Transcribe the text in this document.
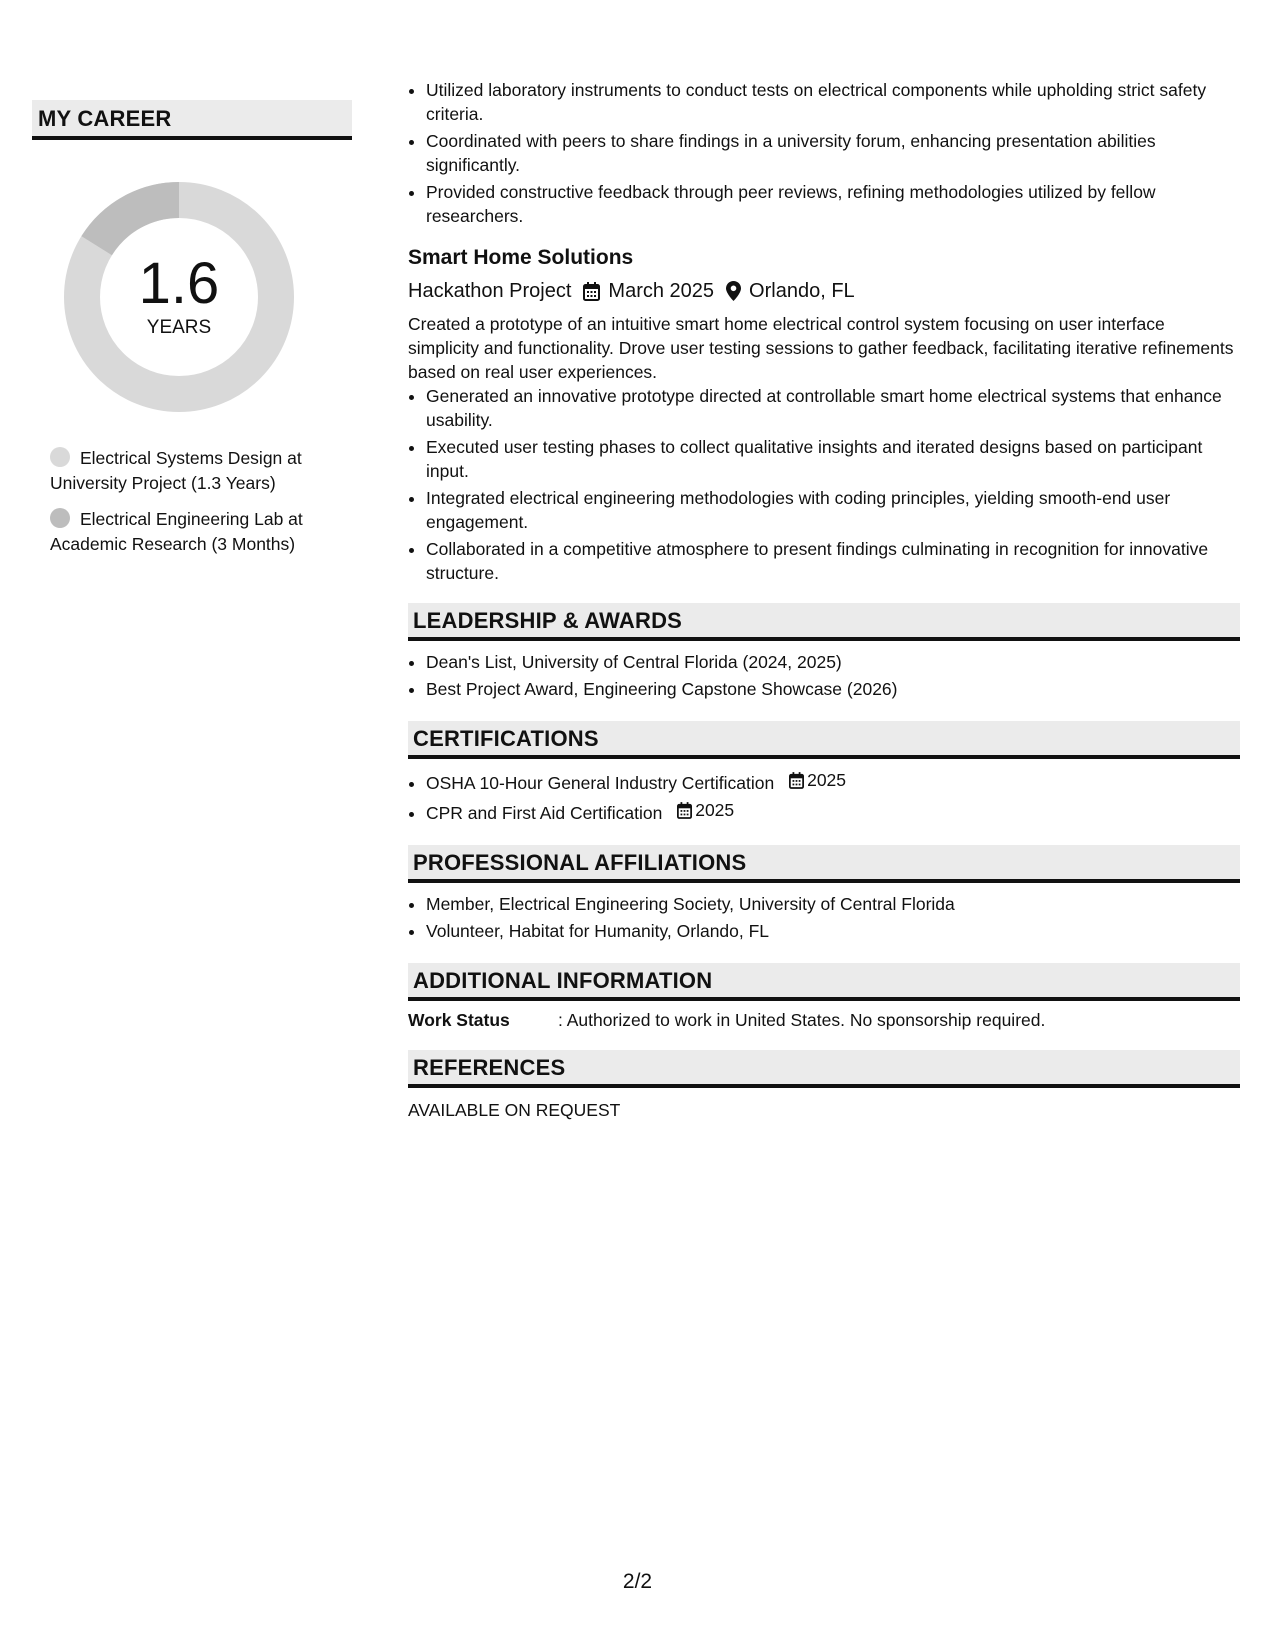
MY CAREER
1.6
YEARS
Electrical Systems Design at University Project (1.3 Years)
Electrical Engineering Lab at Academic Research (3 Months)
• Utilized laboratory instruments to conduct tests on electrical components while upholding strict safety criteria.
• Coordinated with peers to share findings in a university forum, enhancing presentation abilities significantly.
• Provided constructive feedback through peer reviews, refining methodologies utilized by fellow researchers.
Smart Home Solutions
Hackathon Project March 2025 Orlando, FL
Created a prototype of an intuitive smart home electrical control system focusing on user interface simplicity and functionality. Drove user testing sessions to gather feedback, facilitating iterative refinements based on real user experiences.
• Generated an innovative prototype directed at controllable smart home electrical systems that enhance usability.
• Executed user testing phases to collect qualitative insights and iterated designs based on participant input.
• Integrated electrical engineering methodologies with coding principles, yielding smooth-end user engagement.
• Collaborated in a competitive atmosphere to present findings culminating in recognition for innovative structure.
LEADERSHIP & AWARDS
• Dean's List, University of Central Florida (2024, 2025)
• Best Project Award, Engineering Capstone Showcase (2026)
CERTIFICATIONS
• OSHA 10-Hour General Industry Certification 2025
• CPR and First Aid Certification 2025
PROFESSIONAL AFFILIATIONS
• Member, Electrical Engineering Society, University of Central Florida
• Volunteer, Habitat for Humanity, Orlando, FL
ADDITIONAL INFORMATION
Work Status	: Authorized to work in United States. No sponsorship required.
REFERENCES
AVAILABLE ON REQUEST
2/2
